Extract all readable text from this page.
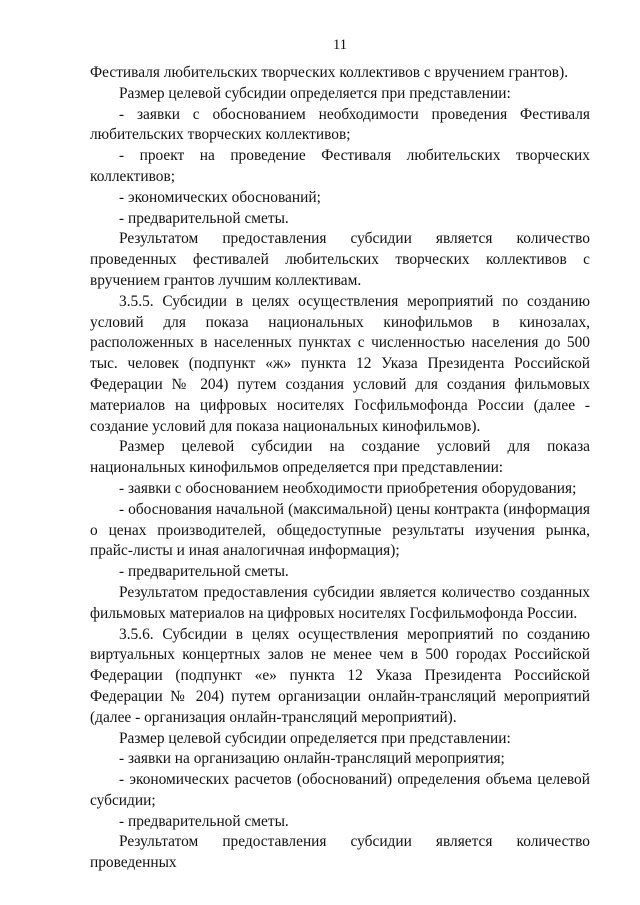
11

Фестиваля любительских творческих коллективов с вручением грантов).

Размер целевой субсидии определяется при представлении:

- заявки с обоснованием необходимости проведения Фестиваля любительских творческих коллективов;

- проект на проведение Фестиваля любительских творческих коллективов;

- экономических обоснований;

- предварительной сметы.

Результатом предоставления субсидии является количество проведенных фестивалей любительских творческих коллективов с вручением грантов лучшим коллективам.

3.5.5. Субсидии в целях осуществления мероприятий по созданию условий для показа национальных кинофильмов в кинозалах, расположенных в населенных пунктах с численностью населения до 500 тыс. человек (подпункт «ж» пункта 12 Указа Президента Российской Федерации № 204) путем создания условий для создания фильмовых материалов на цифровых носителях Госфильмофонда России (далее - создание условий для показа национальных кинофильмов).

Размер целевой субсидии на создание условий для показа национальных кинофильмов определяется при представлении:

- заявки с обоснованием необходимости приобретения оборудования;

- обоснования начальной (максимальной) цены контракта (информация о ценах производителей, общедоступные результаты изучения рынка, прайс-листы и иная аналогичная информация);

- предварительной сметы.

Результатом предоставления субсидии является количество созданных фильмовых материалов на цифровых носителях Госфильмофонда России.

3.5.6. Субсидии в целях осуществления мероприятий по созданию виртуальных концертных залов не менее чем в 500 городах Российской Федерации (подпункт «е» пункта 12 Указа Президента Российской Федерации № 204) путем организации онлайн-трансляций мероприятий (далее - организация онлайн-трансляций мероприятий).

Размер целевой субсидии определяется при представлении:

- заявки на организацию онлайн-трансляций мероприятия;

- экономических расчетов (обоснований) определения объема целевой субсидии;

- предварительной сметы.

Результатом предоставления субсидии является количество проведенных
